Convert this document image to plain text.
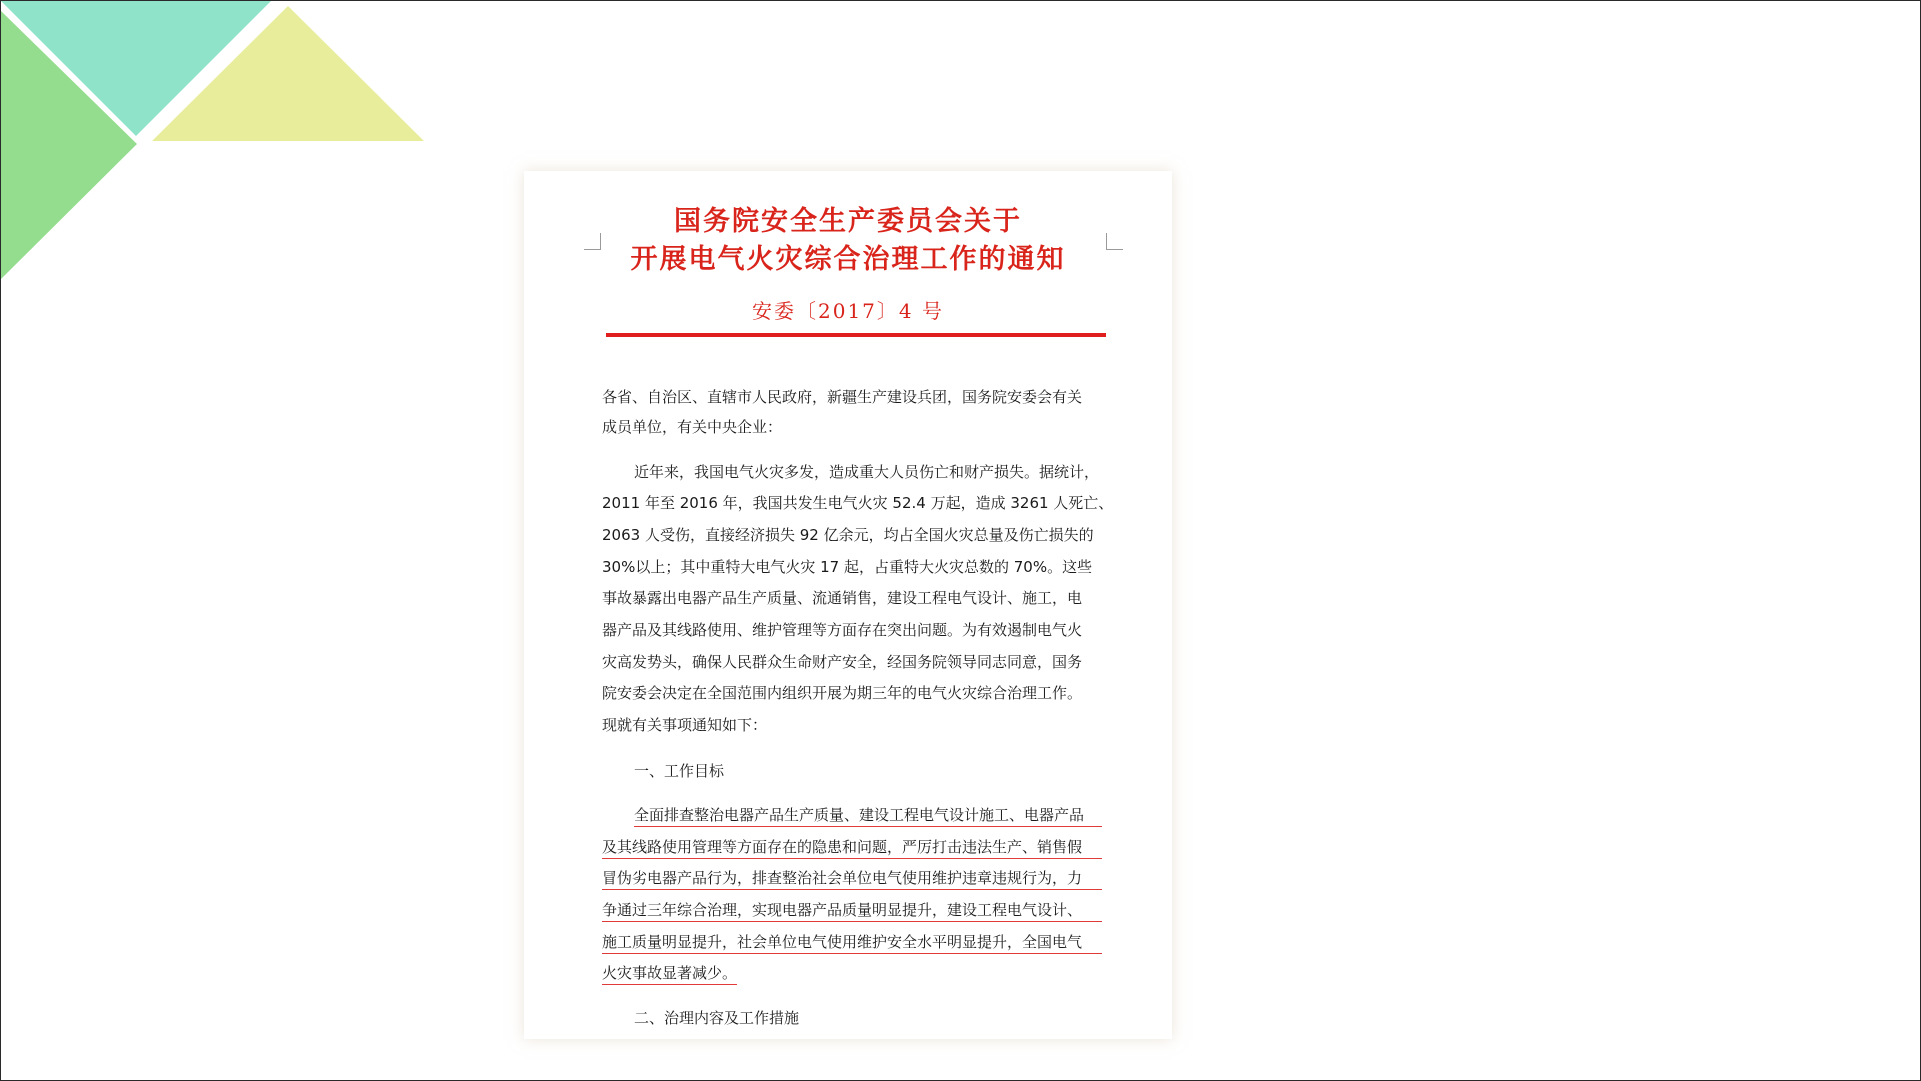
国务院安全生产委员会关于
开展电气火灾综合治理工作的通知
安委〔2017〕4 号
各省、自治区、直辖市人民政府，新疆生产建设兵团，国务院安委会有关
成员单位，有关中央企业：
近年来，我国电气火灾多发，造成重大人员伤亡和财产损失。据统计，
2011 年至 2016 年，我国共发生电气火灾 52.4 万起，造成 3261 人死亡、
2063 人受伤，直接经济损失 92 亿余元，均占全国火灾总量及伤亡损失的
30%以上；其中重特大电气火灾 17 起，占重特大火灾总数的 70%。这些
事故暴露出电器产品生产质量、流通销售，建设工程电气设计、施工，电
器产品及其线路使用、维护管理等方面存在突出问题。为有效遏制电气火
灾高发势头，确保人民群众生命财产安全，经国务院领导同志同意，国务
院安委会决定在全国范围内组织开展为期三年的电气火灾综合治理工作。
现就有关事项通知如下：
一、工作目标
全面排查整治电器产品生产质量、建设工程电气设计施工、电器产品
及其线路使用管理等方面存在的隐患和问题，严厉打击违法生产、销售假
冒伪劣电器产品行为，排查整治社会单位电气使用维护违章违规行为，力
争通过三年综合治理，实现电器产品质量明显提升，建设工程电气设计、
施工质量明显提升，社会单位电气使用维护安全水平明显提升，全国电气
火灾事故显著减少。
二、治理内容及工作措施
